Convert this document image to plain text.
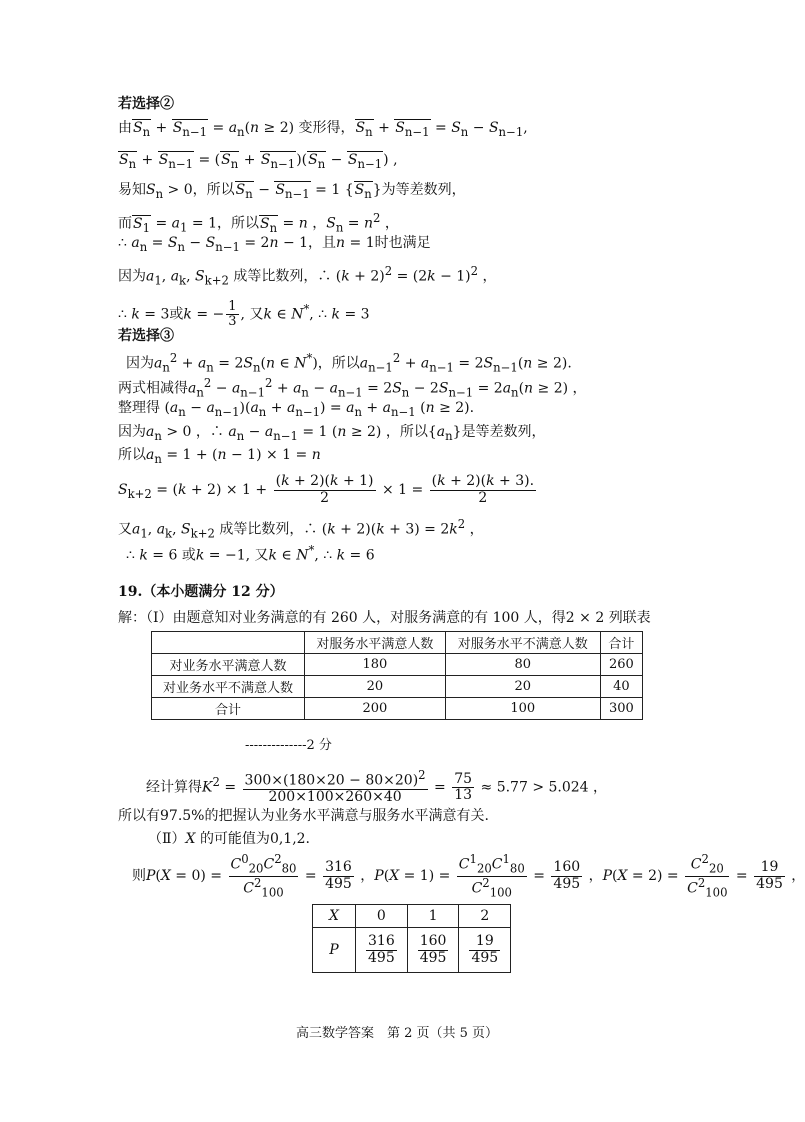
若选择②
由$S_n + S_{n-1} = a_n(n \ge 2)$ 变形得，$S_n + S_{n-1} = S_n - S_{n-1}$,
$S_n + S_{n-1} = (S_n + S_{n-1})(S_n - S_{n-1})$ ,
易知$S_n > 0$，所以$S_n - S_{n-1} = 1$ $\{S_n\}$为等差数列，
而$S_1 = a_1 = 1$，所以$S_n = n$ ，$S_n = n^2$ ，
∴ $a_n = S_n - S_{n-1} = 2n - 1$，且n = 1时也满足
因为$a_1$, $a_k$, $S_{k+2}$ 成等比数列，∴ $(k + 2)^2 = (2k - 1)^2$ ，
∴ k = 3或k = − $\frac{1}{3}$ , 又k ∈ N*, ∴ k = 3
若选择③
因为$a_n^2 + a_n = 2S_n(n$ ∈ N*)，所以$a_{n-1}^2 + a_{n-1} = 2S_{n-1}(n \ge 2)$.
两式相减得$a_n^2 - a_{n-1}^2 + a_n - a_{n-1} = 2S_n - 2S_{n-1} = 2a_n(n \ge 2)$ ，
整理得 $(a_n - a_{n-1})(a_n + a_{n-1}) = a_n + a_{n-1}$ (n ≥ 2).
因为$a_n > 0$ ，∴ $a_n - a_{n-1} = 1$ (n ≥ 2) ，所以$\{a_n\}$是等差数列，
所以$a_n = 1 + (n - 1) \times 1 = n$
$S_{k+2} = (k + 2) \times 1 + \frac{(k + 2)(k + 1)}{2} \times 1 = \frac{(k + 2)(k + 3).}{2}$
又$a_1$, $a_k$, $S_{k+2}$ 成等比数列，∴ $(k + 2)(k + 3) = 2k^2$ ，
∴ k = 6 或k = −1, 又k ∈ N*, ∴ k = 6
19.（本小题满分 12 分）
解：（Ⅰ）由题意知对业务满意的有 260 人，对服务满意的有 100 人，得2 × 2 列联表
	对服务水平满意人数	对服务水平不满意人数	合计
对业务水平满意人数	180	80	260
对业务水平不满意人数	20	20	40
合计	200	100	300
--------------2 分
经计算得$K^2 = \frac{300\times(180\times 20 - 80\times 20)^2}{200\times 100\times 260\times 40} = \frac{75}{13} \approx 5.77 > 5.024$ ，
所以有97.5%的把握认为业务水平满意与服务水平满意有关.
（Ⅱ）X 的可能值为0,1,2.
则$P(X = 0) = \frac{C^0_{20}C^2_{80}}{C^2_{100}} = \frac{316}{495}$ ，$P(X = 1) = \frac{C^1_{20}C^1_{80}}{C^2_{100}} = \frac{160}{495}$ ，$P(X = 2) = \frac{C^2_{20}}{C^2_{100}} = \frac{19}{495}$ ，
X	0	1	2
P	$\frac{316}{495}$	$\frac{160}{495}$	$\frac{19}{495}$
高三数学答案　第 2 页（共 5 页）
